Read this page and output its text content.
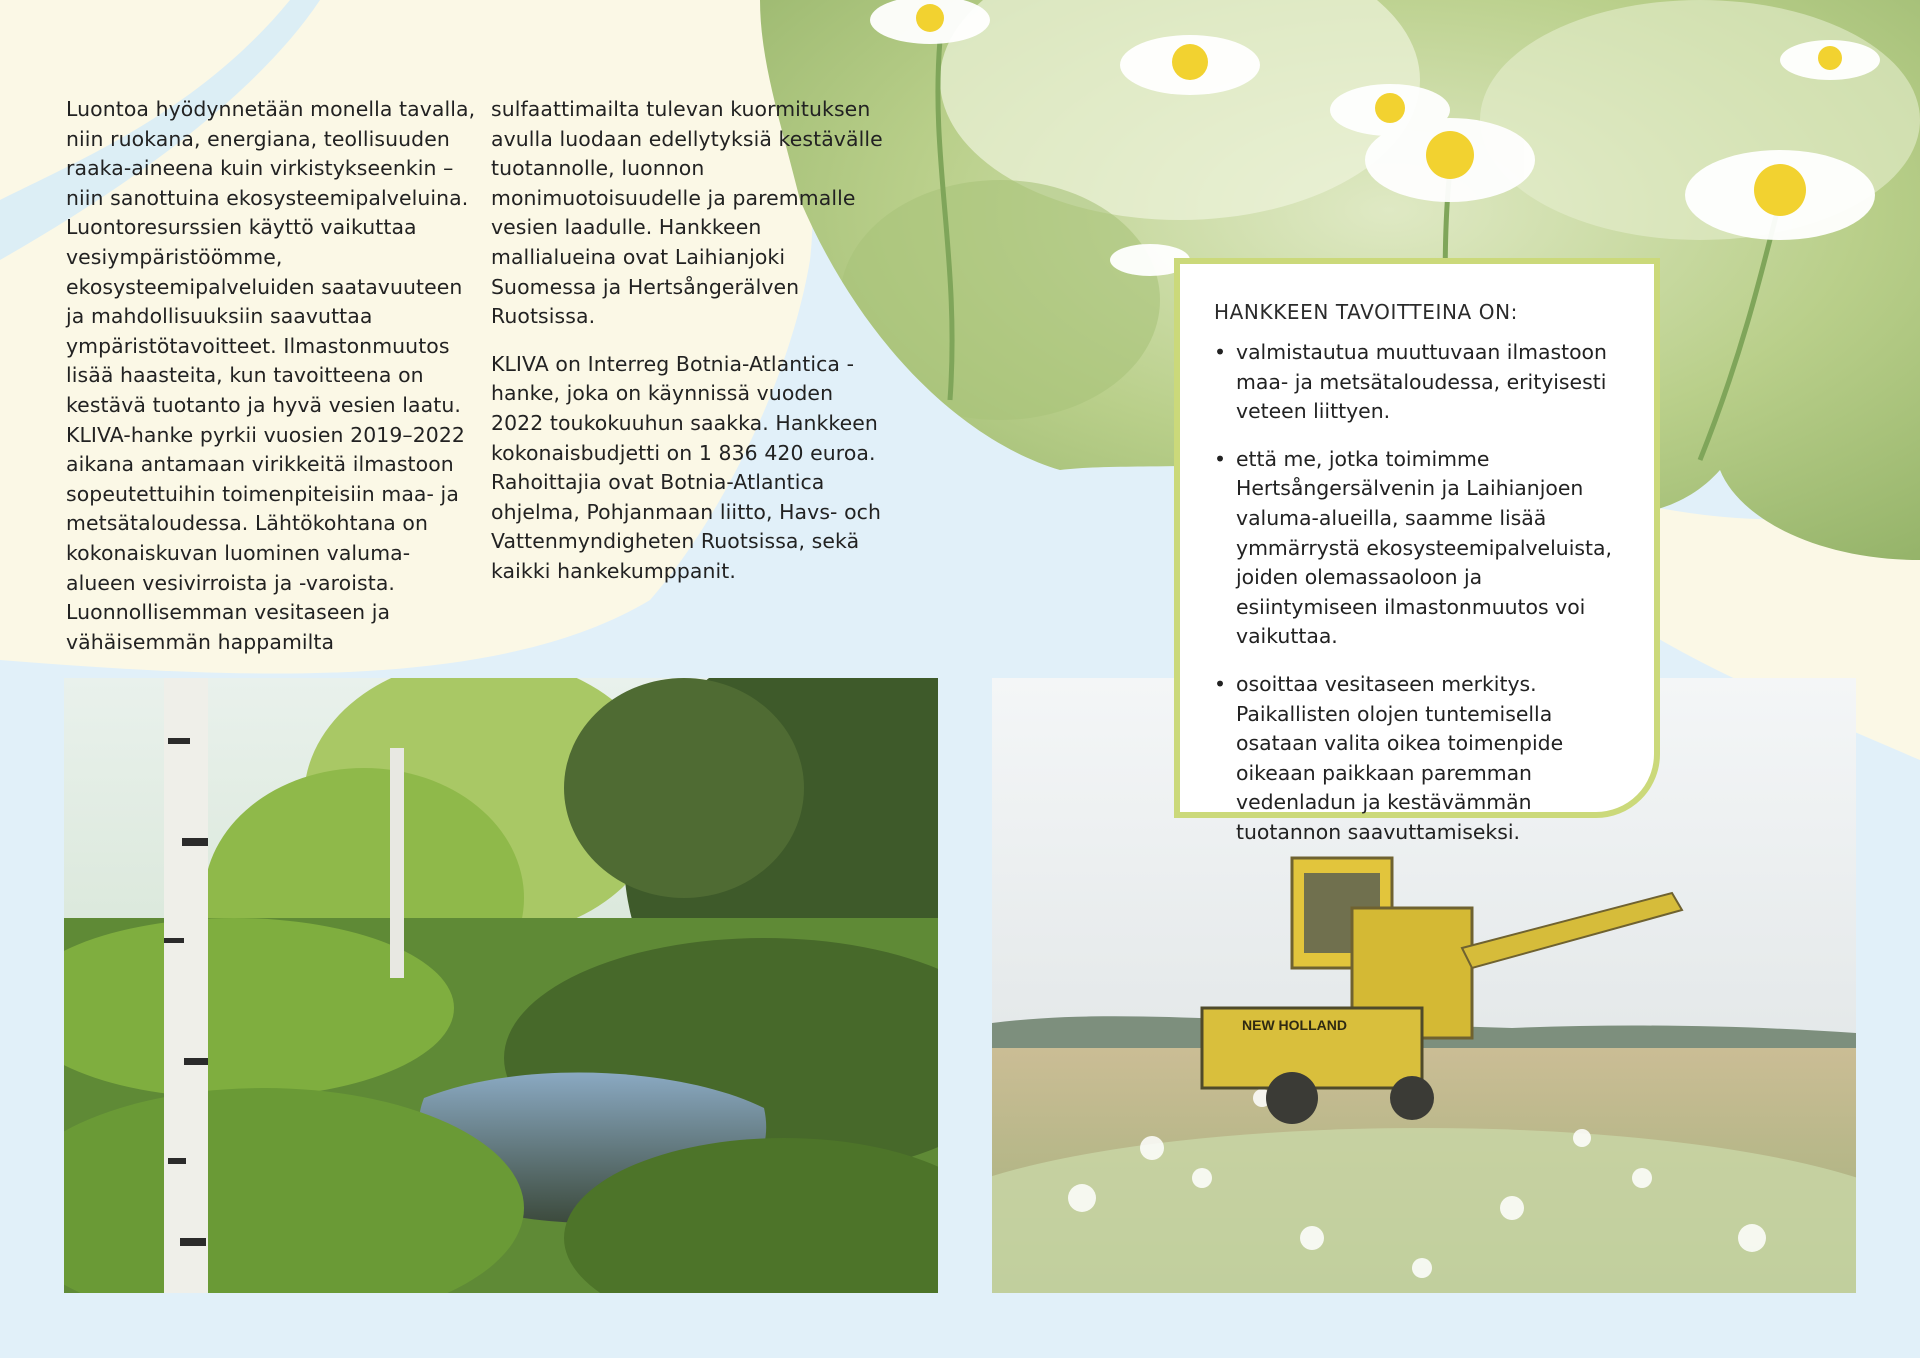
Luontoa hyödynnetään monella tavalla, niin ruokana, energiana, teollisuuden raaka-aineena kuin virkistykseenkin – niin sanottuina ekosysteemipalveluina. Luontoresurssien käyttö vaikuttaa vesiympäristöömme, ekosysteemipalveluiden saatavuuteen ja mahdollisuuksiin saavuttaa ympäristötavoitteet. Ilmastonmuutos lisää haasteita, kun tavoitteena on kestävä tuotanto ja hyvä vesien laatu. KLIVA-hanke pyrkii vuosien 2019–2022 aikana antamaan virikkeitä ilmastoon sopeutettuihin toimenpiteisiin maa- ja metsätaloudessa. Lähtökohtana on kokonaiskuvan luominen valuma-alueen vesivirroista ja -varoista. Luonnollisemman vesitaseen ja vähäisemmän happamilta

sulfaattimailta tulevan kuormituksen avulla luodaan edellytyksiä kestävälle tuotannolle, luonnon monimuotoisuudelle ja paremmalle vesien laadulle. Hankkeen mallialueina ovat Laihianjoki Suomessa ja Hertsångerälven Ruotsissa.

KLIVA on Interreg Botnia-Atlantica -hanke, joka on käynnissä vuoden 2022 toukokuuhun saakka. Hankkeen kokonaisbudjetti on 1 836 420 euroa. Rahoittajia ovat Botnia-Atlantica ohjelma, Pohjanmaan liitto, Havs- och Vattenmyndigheten Ruotsissa, sekä kaikki hankekumppanit.

NEW HOLLAND
HANKKEEN TAVOITTEINA ON:
• valmistautua muuttuvaan ilmastoon maa- ja metsätaloudessa, erityisesti veteen liittyen.
• että me, jotka toimimme Hertsångersälvenin ja Laihianjoen valuma-alueilla, saamme lisää ymmärrystä ekosysteemipalveluista, joiden olemassaoloon ja esiintymiseen ilmastonmuutos voi vaikuttaa.
• osoittaa vesitaseen merkitys. Paikallisten olojen tuntemisella osataan valita oikea toimenpide oikeaan paikkaan paremman vedenladun ja kestävämmän tuotannon saavuttamiseksi.
